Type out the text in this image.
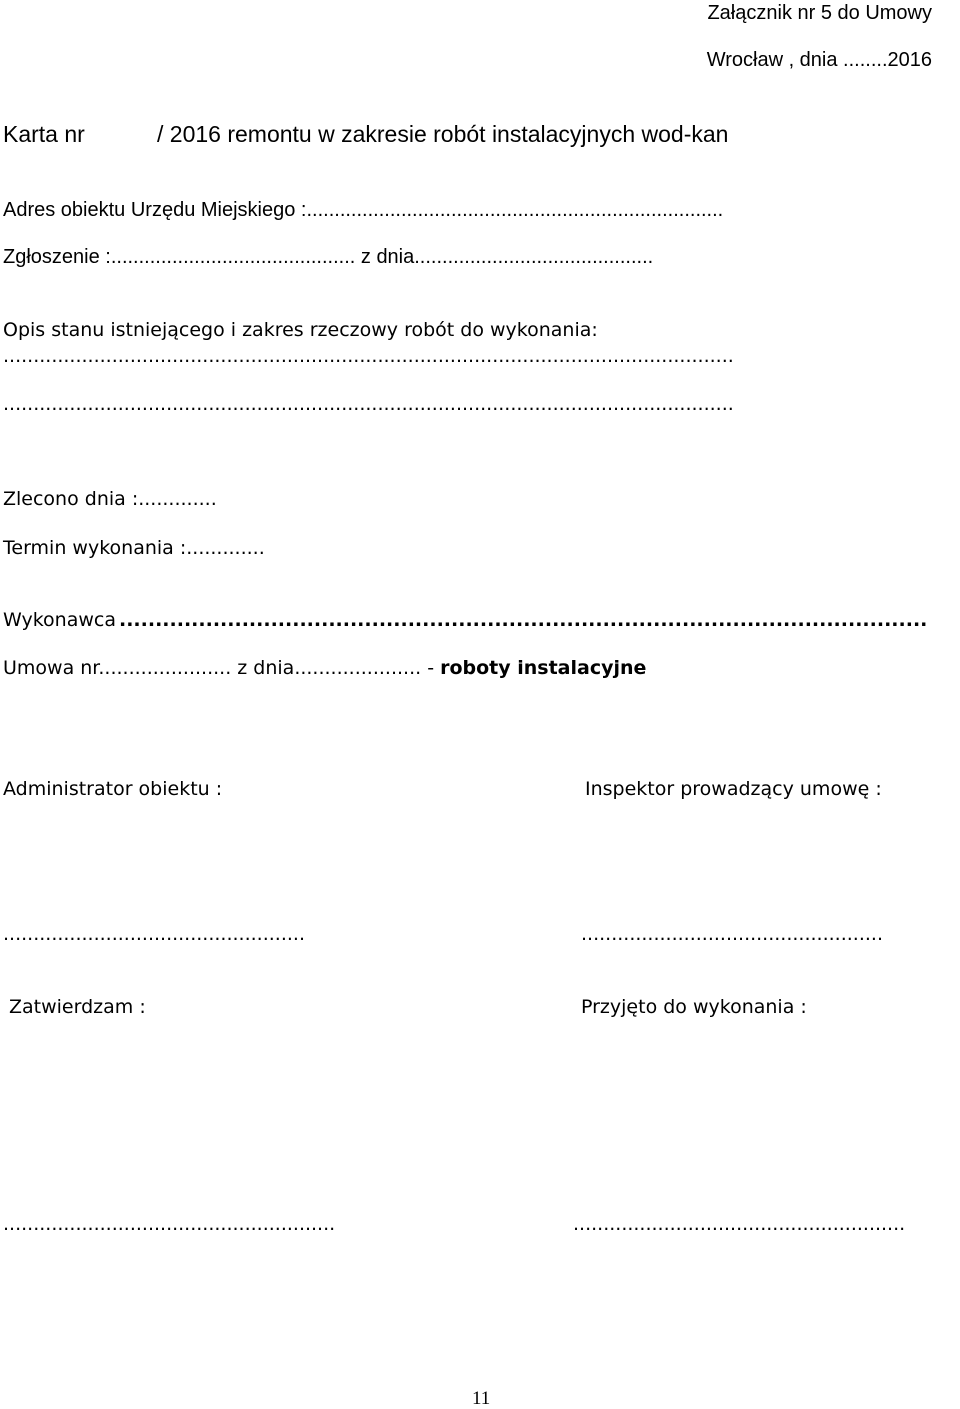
Załącznik nr 5 do Umowy
Wrocław , dnia ........2016
Karta nr	/ 2016 remontu w zakresie robót instalacyjnych wod-kan
Adres obiektu Urzędu Miejskiego :...........................................................................
Zgłoszenie :............................................ z dnia...........................................
Opis stanu istniejącego i zakres rzeczowy robót do wykonania:
.........................................................................................................................
.........................................................................................................................
Zlecono dnia :.............
Termin wykonania :.............
Wykonawca ................................................................................................................
Umowa nr...................... z dnia..................... - roboty instalacyjne
Administrator obiektu :	Inspektor prowadzący umowę :
..................................................	..................................................
Zatwierdzam :	Przyjęto do wykonania :
.......................................................	.......................................................
11
